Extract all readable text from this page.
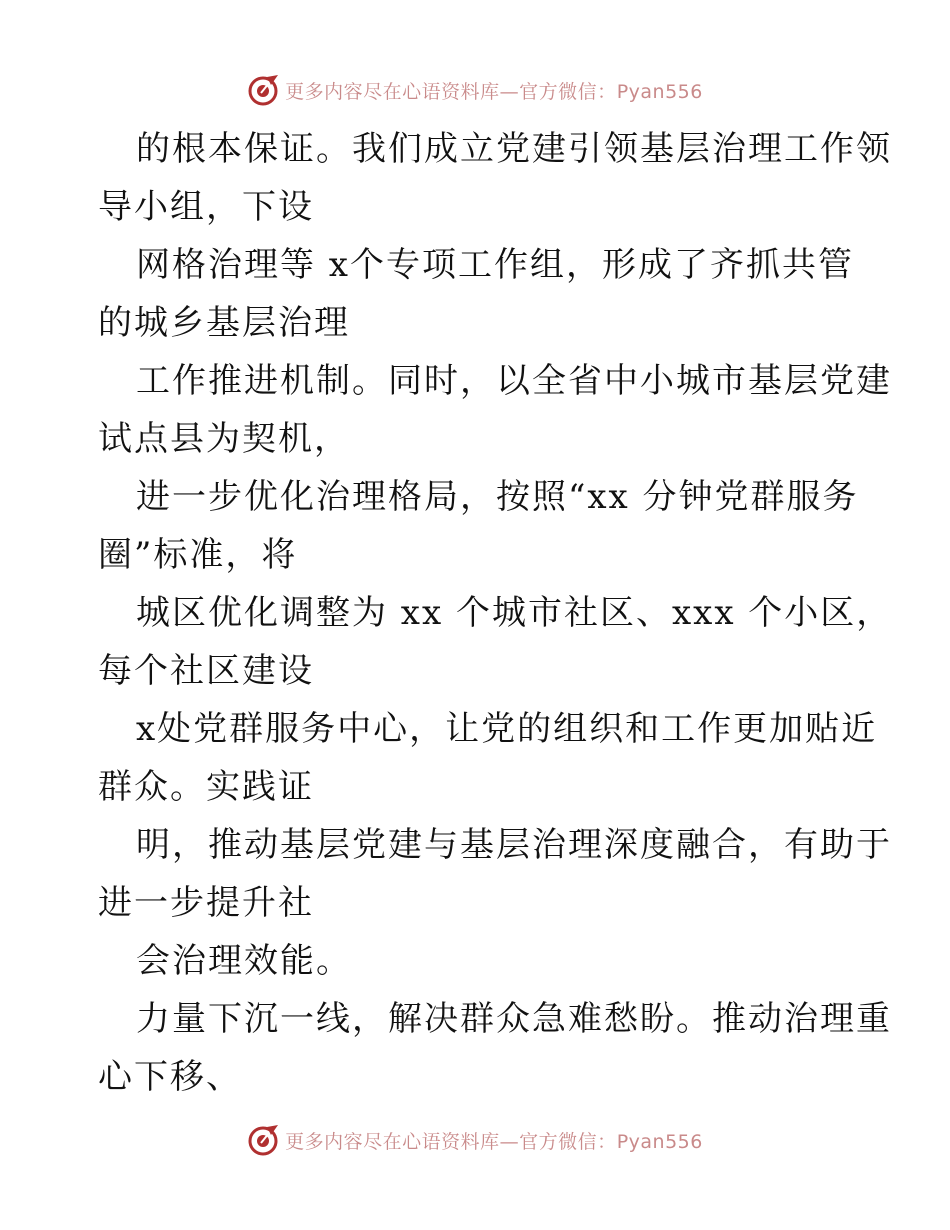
更多内容尽在心语资料库—官方微信：Pyan556
的根本保证。我们成立党建引领基层治理工作领
导小组，下设
网格治理等 x个专项工作组，形成了齐抓共管
的城乡基层治理
工作推进机制。同时，以全省中小城市基层党建
试点县为契机，
进一步优化治理格局，按照“xx 分钟党群服务
圈”标准，将
城区优化调整为 xx 个城市社区、xxx 个小区，
每个社区建设
x处党群服务中心，让党的组织和工作更加贴近
群众。实践证
明，推动基层党建与基层治理深度融合，有助于
进一步提升社
会治理效能。
力量下沉一线，解决群众急难愁盼。推动治理重
心下移、
更多内容尽在心语资料库—官方微信：Pyan556
